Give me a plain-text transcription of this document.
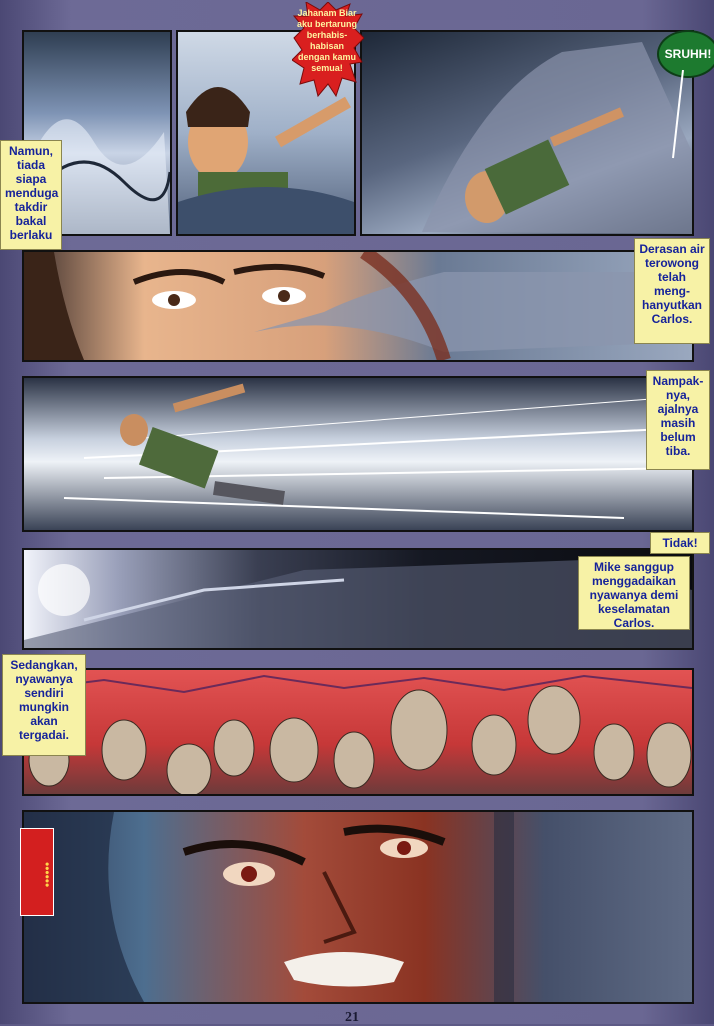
Jahanam Biar aku bertarung berhabis-habisan dengan kamu semua!
SRUHH!
Namun, tiada siapa menduga takdir bakal berlaku
Derasan air terowong telah meng-hanyutkan Carlos.
Nampak-nya, ajalnya masih belum tiba.
Tidak!
Mike sanggup menggadaikan nyawanya demi keselamatan Carlos.
Sedangkan, nyawanya sendiri mungkin akan tergadai.
••••••
21
